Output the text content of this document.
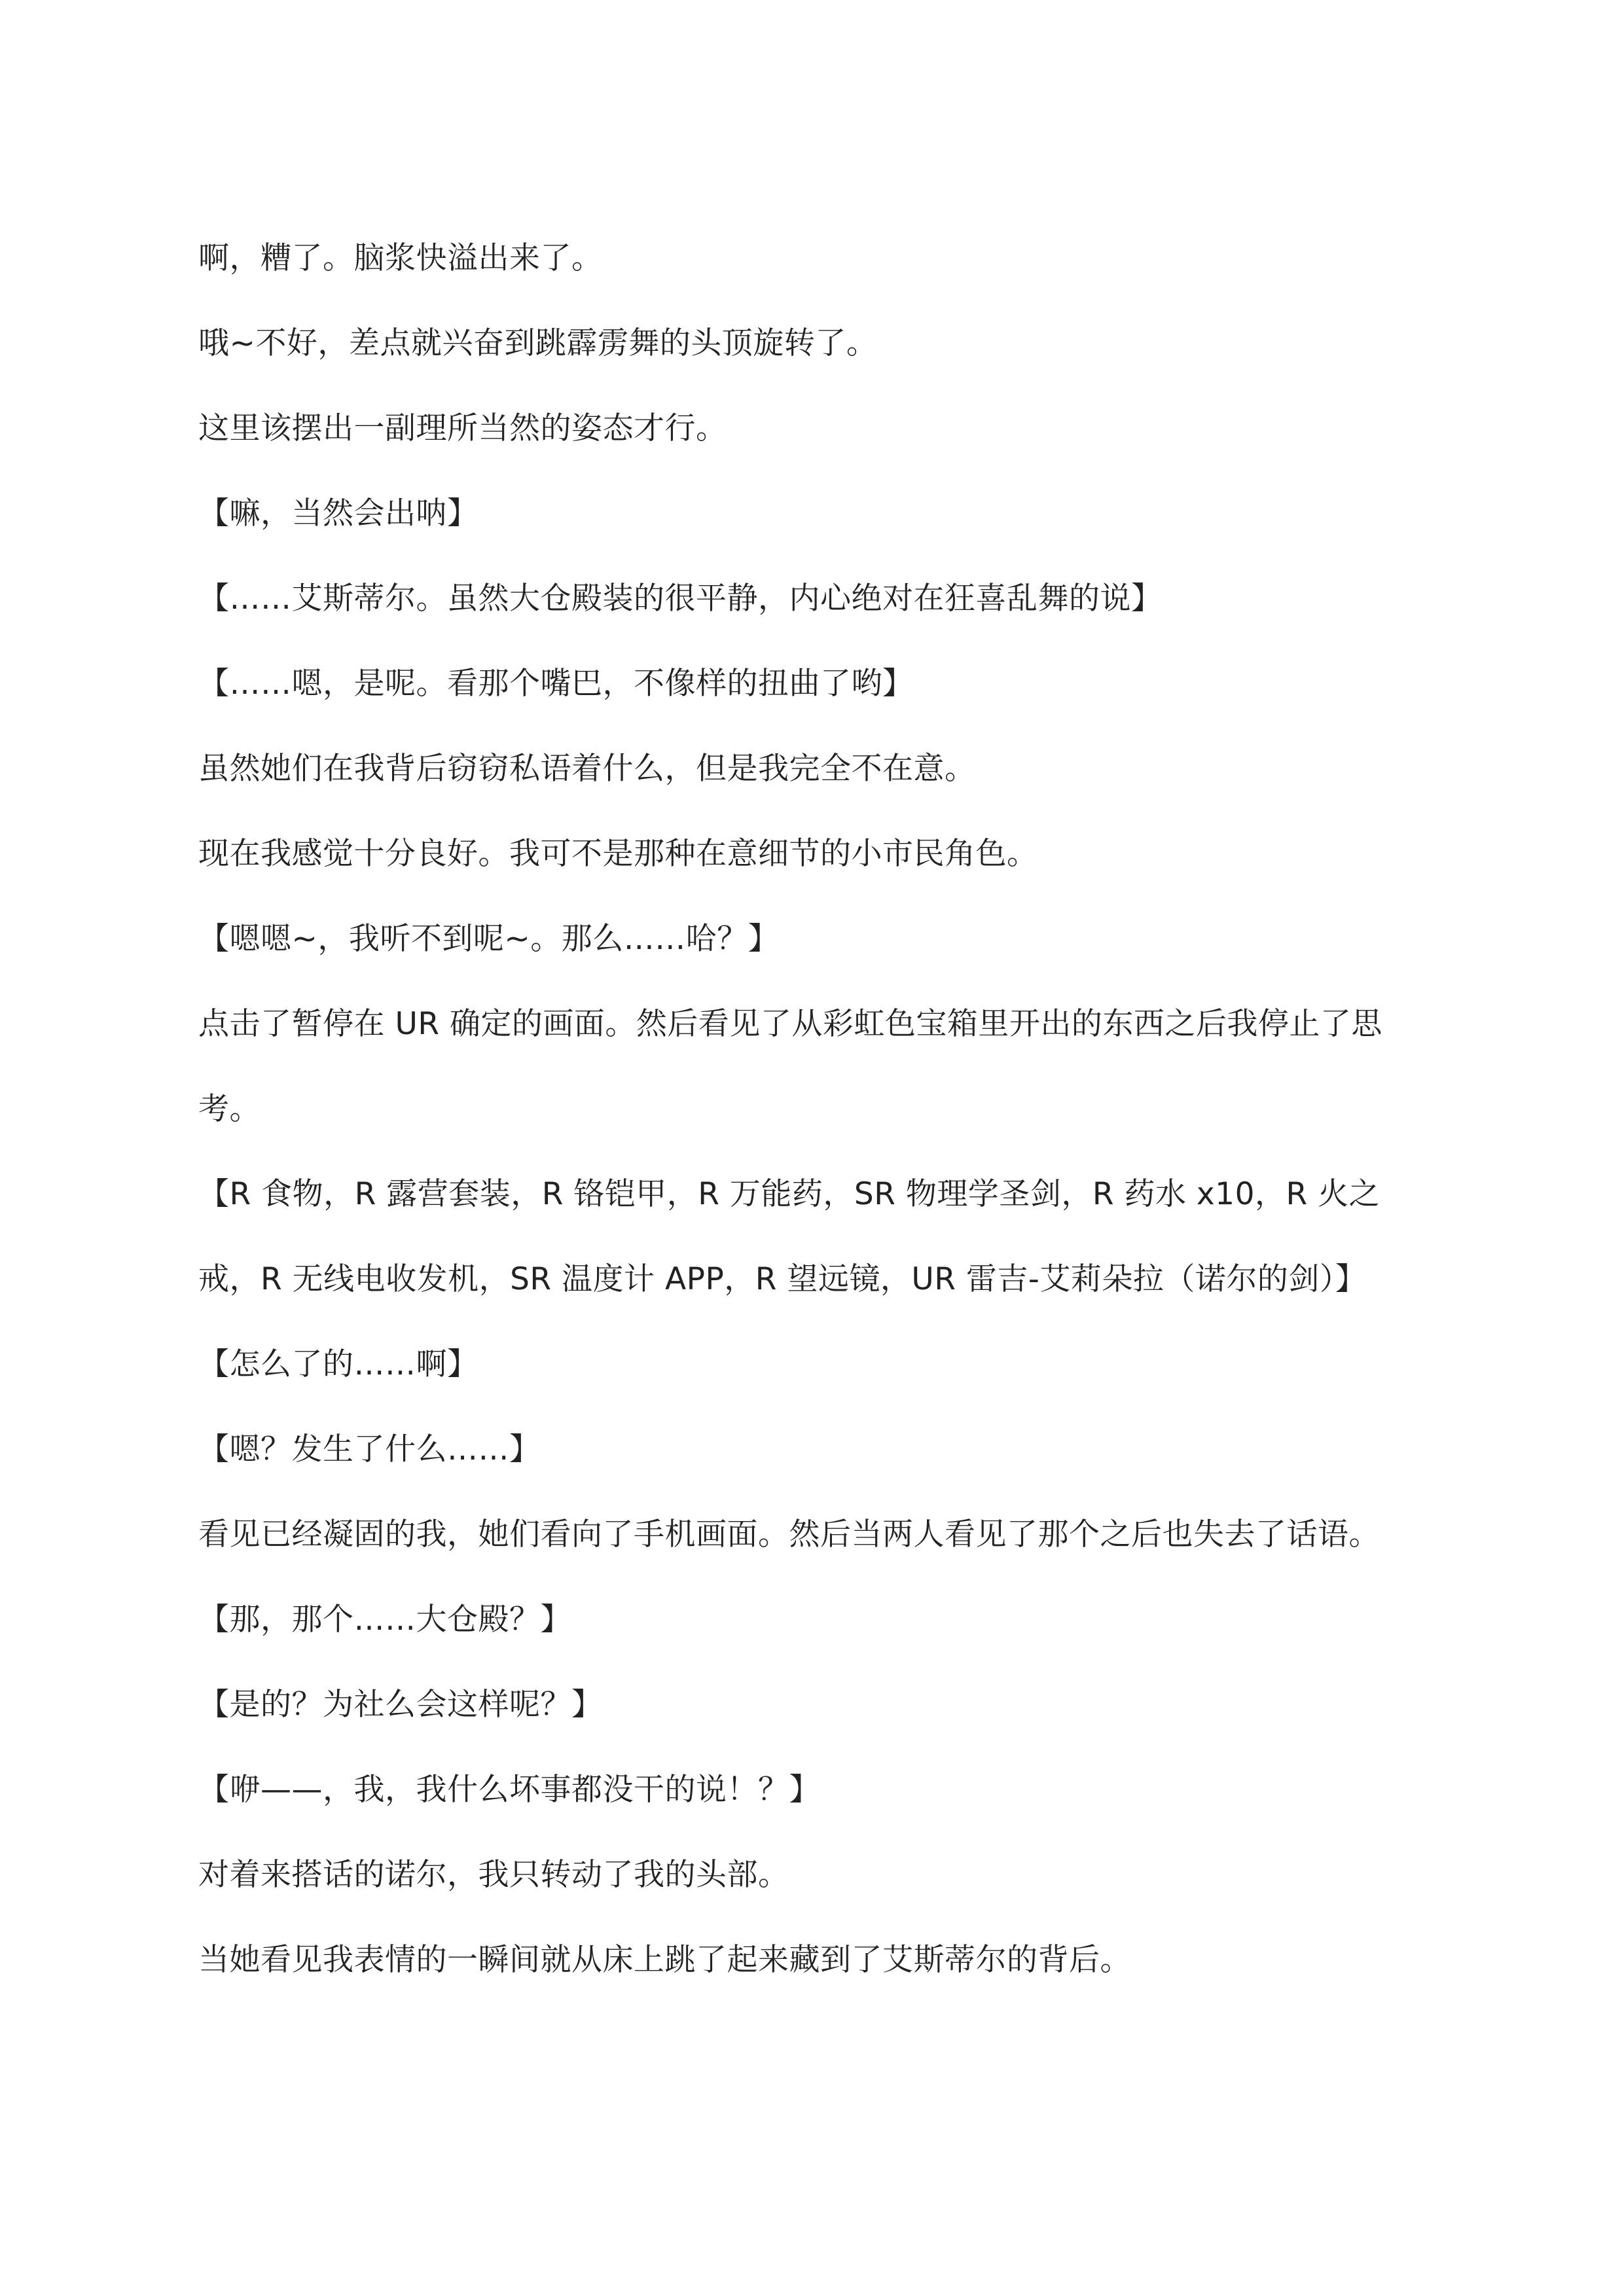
啊，糟了。脑浆快溢出来了。

哦~不好，差点就兴奋到跳霹雳舞的头顶旋转了。

这里该摆出一副理所当然的姿态才行。

【嘛，当然会出呐】

【……艾斯蒂尔。虽然大仓殿装的很平静，内心绝对在狂喜乱舞的说】

【……嗯，是呢。看那个嘴巴，不像样的扭曲了哟】

虽然她们在我背后窃窃私语着什么，但是我完全不在意。

现在我感觉十分良好。我可不是那种在意细节的小市民角色。

【嗯嗯~，我听不到呢~。那么……哈？】

点击了暂停在 UR 确定的画面。然后看见了从彩虹色宝箱里开出的东西之后我停止了思考。

【R 食物，R 露营套装，R 铬铠甲，R 万能药，SR 物理学圣剑，R 药水 x10，R 火之戒，R 无线电收发机，SR 温度计 APP，R 望远镜，UR 雷吉-艾莉朵拉（诺尔的剑）】

【怎么了的……啊】

【嗯？发生了什么……】

看见已经凝固的我，她们看向了手机画面。然后当两人看见了那个之后也失去了话语。

【那，那个……大仓殿？】

【是的？为社么会这样呢？】

【咿——，我，我什么坏事都没干的说！？】

对着来搭话的诺尔，我只转动了我的头部。

当她看见我表情的一瞬间就从床上跳了起来藏到了艾斯蒂尔的背后。
